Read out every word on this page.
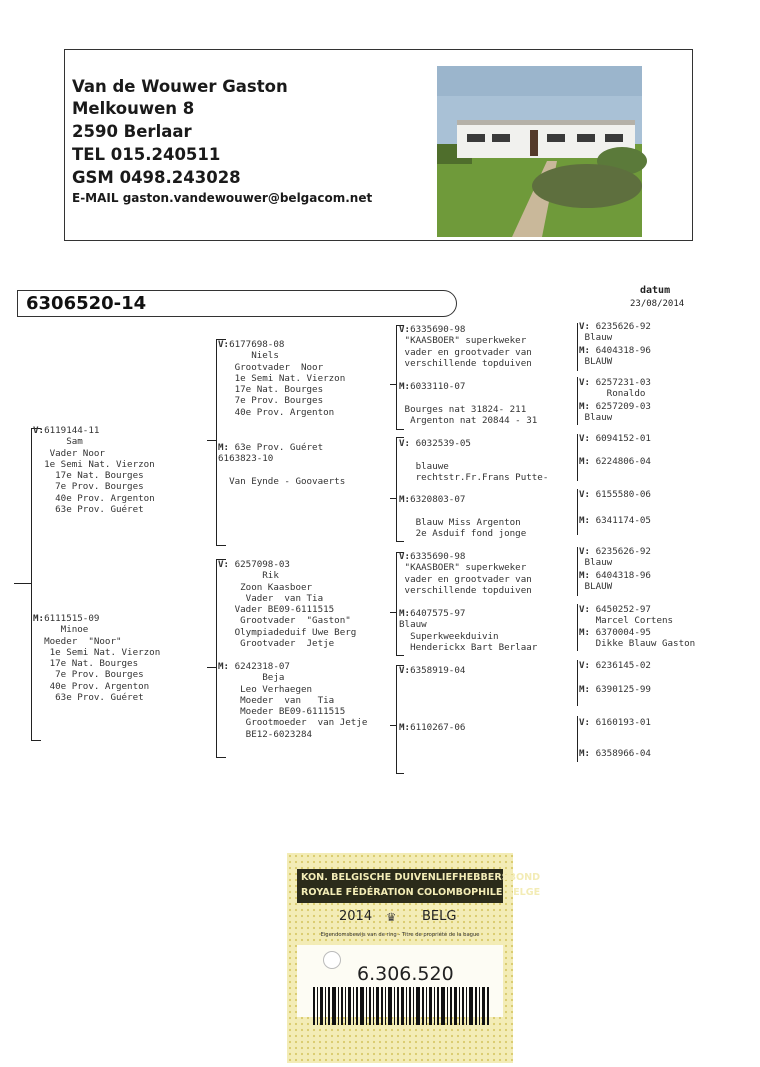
Van de Wouwer Gaston
Melkouwen 8
2590 Berlaar
TEL 015.240511
GSM 0498.243028
E-MAIL gaston.vandewouwer@belgacom.net
6306520-14
datum
23/08/2014
V:6119144-11
Sam
Vader Noor
1e Semi Nat. Vierzon
17e Nat. Bourges
7e Prov. Bourges
40e Prov. Argenton
63e Prov. Guéret
M:6111515-09
Minoe
Moeder  "Noor"
1e Semi Nat. Vierzon
17e Nat. Bourges
7e Prov. Bourges
40e Prov. Argenton
63e Prov. Guéret
V:6177698-08
Niels
Grootvader  Noor
1e Semi Nat. Vierzon
17e Nat. Bourges
7e Prov. Bourges
40e Prov. Argenton
M: 63e Prov. Guéret
6163823-10

Van Eynde - Goovaerts
V: 6257098-03
Rik
Zoon Kaasboer
Vader  van Tia
Vader BE09-6111515
Grootvader  "Gaston"
Olympiadeduif Uwe Berg
Grootvader  Jetje
M: 6242318-07
Beja
Leo Verhaegen
Moeder  van   Tia
Moeder BE09-6111515
Grootmoeder  van Jetje
BE12-6023284
V:6335690-98
"KAASBOER" superkweker
vader en grootvader van
verschillende topduiven
M:6033110-07

Bourges nat 31824- 211
Argenton nat 20844 - 31
V: 6032539-05

blauwe
rechtstr.Fr.Frans Putte-
M:6320803-07

Blauw Miss Argenton
2e Asduif fond jonge
V:6335690-98
"KAASBOER" superkweker
vader en grootvader van
verschillende topduiven
M:6407575-97
Blauw
Superkweekduivin
Henderickx Bart Berlaar
V:6358919-04
M:6110267-06
V: 6235626-92
Blauw
M: 6404318-96
BLAUW
V: 6257231-03
Ronaldo
M: 6257209-03
Blauw
V: 6094152-01
M: 6224806-04
V: 6155580-06
M: 6341174-05
V: 6235626-92
Blauw
M: 6404318-96
BLAUW
V: 6450252-97
Marcel Cortens
M: 6370004-95
Dikke Blauw Gaston
V: 6236145-02
M: 6390125-99
V: 6160193-01
M: 6358966-04
KON. BELGISCHE DUIVENLIEFHEBBERSBOND
ROYALE FÉDÉRATION COLOMBOPHILE BELGE
2014 ♛ BELG
Eigendomsbewijs van de ring - Titre de propriété de la bague
6.306.520
